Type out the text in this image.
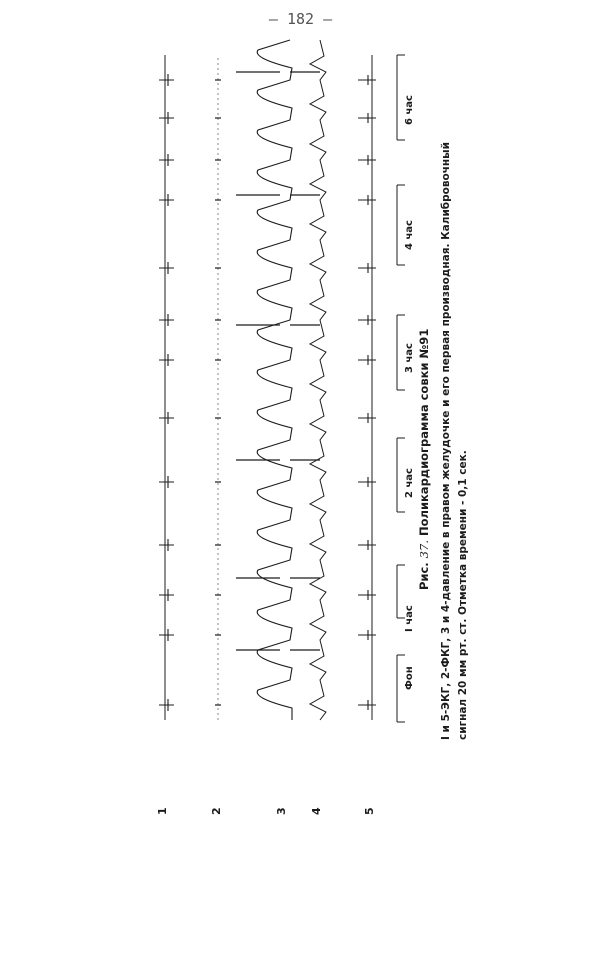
– 182 –
1	2	3 4	5
Фон
I час
2 час
3 час
4 час
6 час
Рис. 37. Поликардиограмма совки №91 I и 5-ЭКГ, 2-ФКГ, 3 и 4-давление в правом желудочке и его первая производная. Калибровочный сигнал 20 мм рт. ст. Отметка времени - 0,1 сек.
